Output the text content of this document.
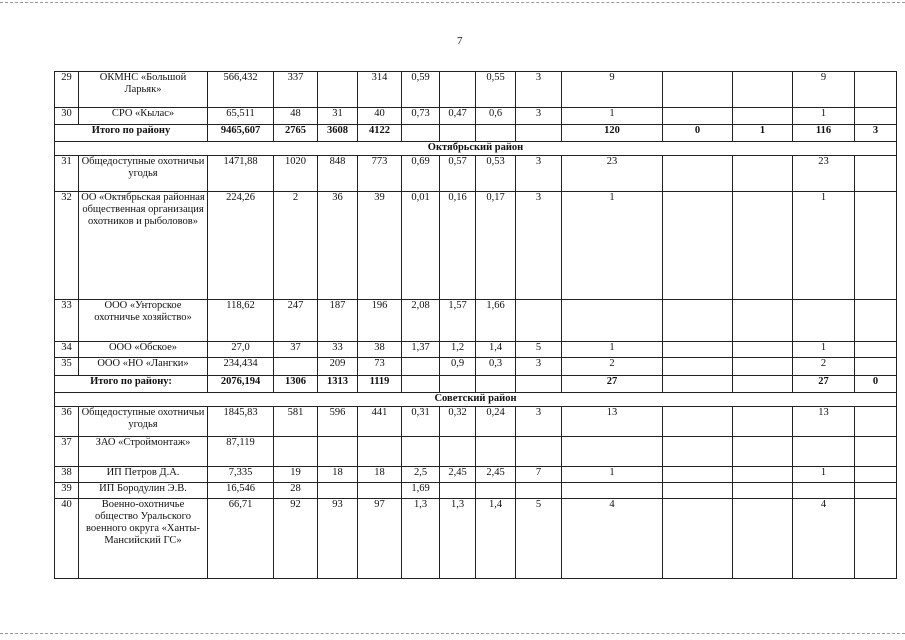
7
29	ОКМНС «Большой Ларьяк»	566,432	337		314	0,59		0,55	3	9			9	
30	СРО «Кылас»	65,511	48	31	40	0,73	0,47	0,6	3	1			1	
Итого по району		9465,607	2765	3608	4122					120	0	1	116	3
Октябрьский район														
31	Общедоступные охотничьи угодья	1471,88	1020	848	773	0,69	0,57	0,53	3	23			23	
32	ОО «Октябрьская районная общественная организация охотников и рыболовов»	224,26	2	36	39	0,01	0,16	0,17	3	1			1	
33	ООО «Унторское охотничье хозяйство»	118,62	247	187	196	2,08	1,57	1,66						
34	ООО «Обское»	27,0	37	33	38	1,37	1,2	1,4	5	1			1	
35	ООО «НО «Лангки»	234,434		209	73		0,9	0,3	3	2			2	
Итого по району:		2076,194	1306	1313	1119					27			27	0
Советский район														
36	Общедоступные охотничьи угодья	1845,83	581	596	441	0,31	0,32	0,24	3	13			13	
37	ЗАО «Строймонтаж»	87,119												
38	ИП Петров Д.А.	7,335	19	18	18	2,5	2,45	2,45	7	1			1	
39	ИП Бородулин Э.В.	16,546	28			1,69								
40	Военно-охотничье общество Уральского военного округа «Ханты-Мансийский ГС»	66,71	92	93	97	1,3	1,3	1,4	5	4			4	
